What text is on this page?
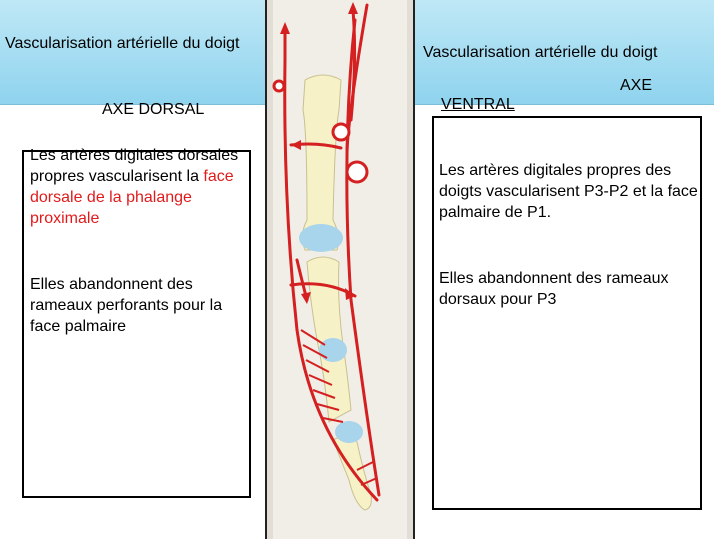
Vascularisation artérielle du doigt
AXE DORSAL
Les artères digitales dorsales propres vascularisent la face dorsale de la phalange proximale
Elles abandonnent des rameaux perforants pour la face palmaire
Vascularisation artérielle du doigt
AXE
VENTRAL
Les artères digitales propres des doigts vascularisent P3-P2 et la face palmaire de P1.
Elles abandonnent des rameaux dorsaux pour P3
